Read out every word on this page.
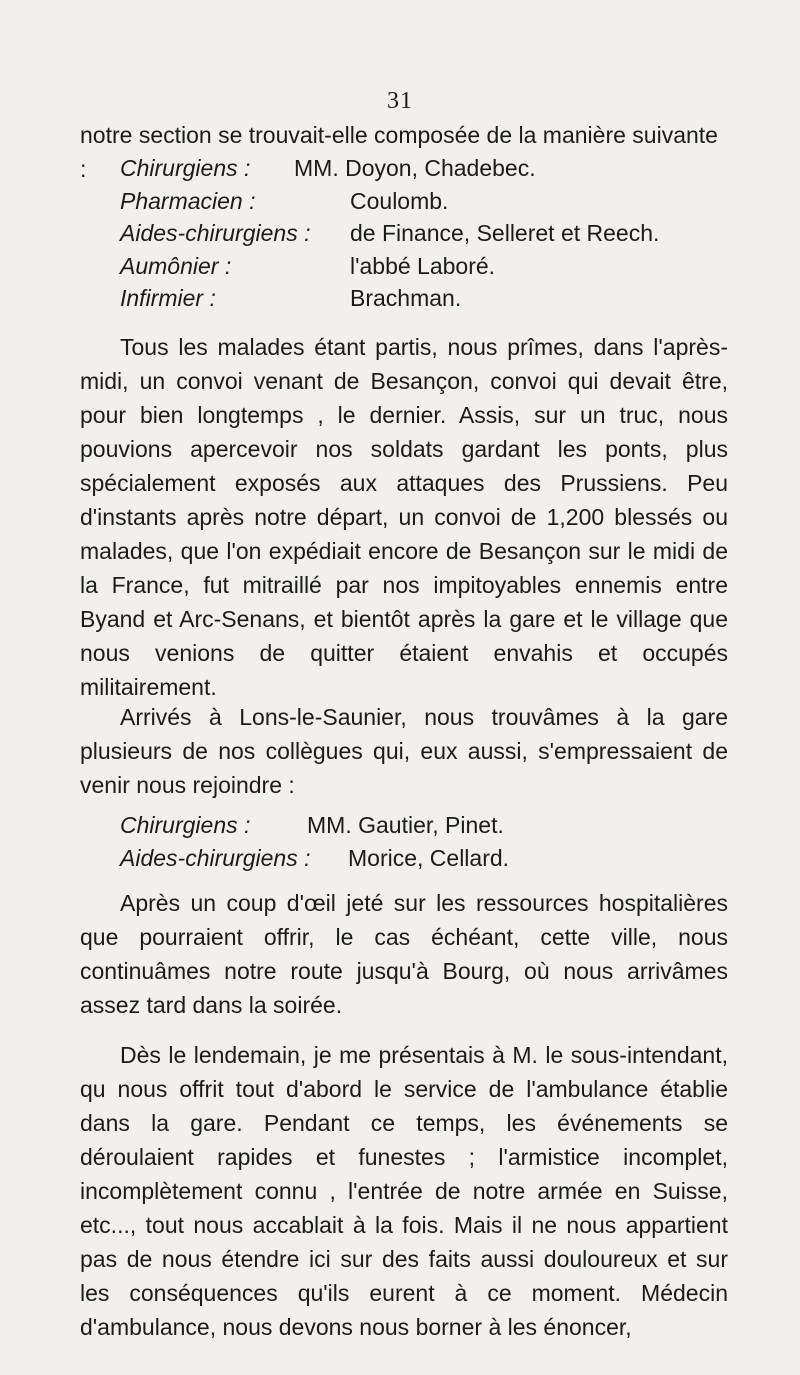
31
notre section se trouvait-elle composée de la manière suivante :	Chirurgiens : MM. Doyon, Chadebec.
Pharmacien :	Coulomb.
Aides-chirurgiens : de Finance, Selleret et Reech.
Aumônier :	l'abbé Laboré.
Infirmier :	Brachman.

Tous les malades étant partis, nous prîmes, dans l'après-midi, un convoi venant de Besançon, convoi qui devait être, pour bien longtemps , le dernier. Assis, sur un truc, nous pouvions apercevoir nos soldats gardant les ponts, plus spécialement exposés aux attaques des Prussiens. Peu d'instants après notre départ, un convoi de 1,200 blessés ou malades, que l'on expédiait encore de Besançon sur le midi de la France, fut mitraillé par nos impitoyables ennemis entre Byand et Arc-Senans, et bientôt après la gare et le village que nous venions de quitter étaient envahis et occupés militairement.

Arrivés à Lons-le-Saunier, nous trouvâmes à la gare plusieurs de nos collègues qui, eux aussi, s'empressaient de venir nous rejoindre :

Chirurgiens : MM. Gautier, Pinet.
Aides-chirurgiens : Morice, Cellard.

Après un coup d'œil jeté sur les ressources hospitalières que pourraient offrir, le cas échéant, cette ville, nous continuâmes notre route jusqu'à Bourg, où nous arrivâmes assez tard dans la soirée.

Dès le lendemain, je me présentais à M. le sous-intendant, qu nous offrit tout d'abord le service de l'ambulance établie dans la gare. Pendant ce temps, les événements se déroulaient rapides et funestes ; l'armistice incomplet, incomplètement connu , l'entrée de notre armée en Suisse, etc..., tout nous accablait à la fois. Mais il ne nous appartient pas de nous étendre ici sur des faits aussi douloureux et sur les conséquences qu'ils eurent à ce moment. Médecin d'ambulance, nous devons nous borner à les énoncer,
